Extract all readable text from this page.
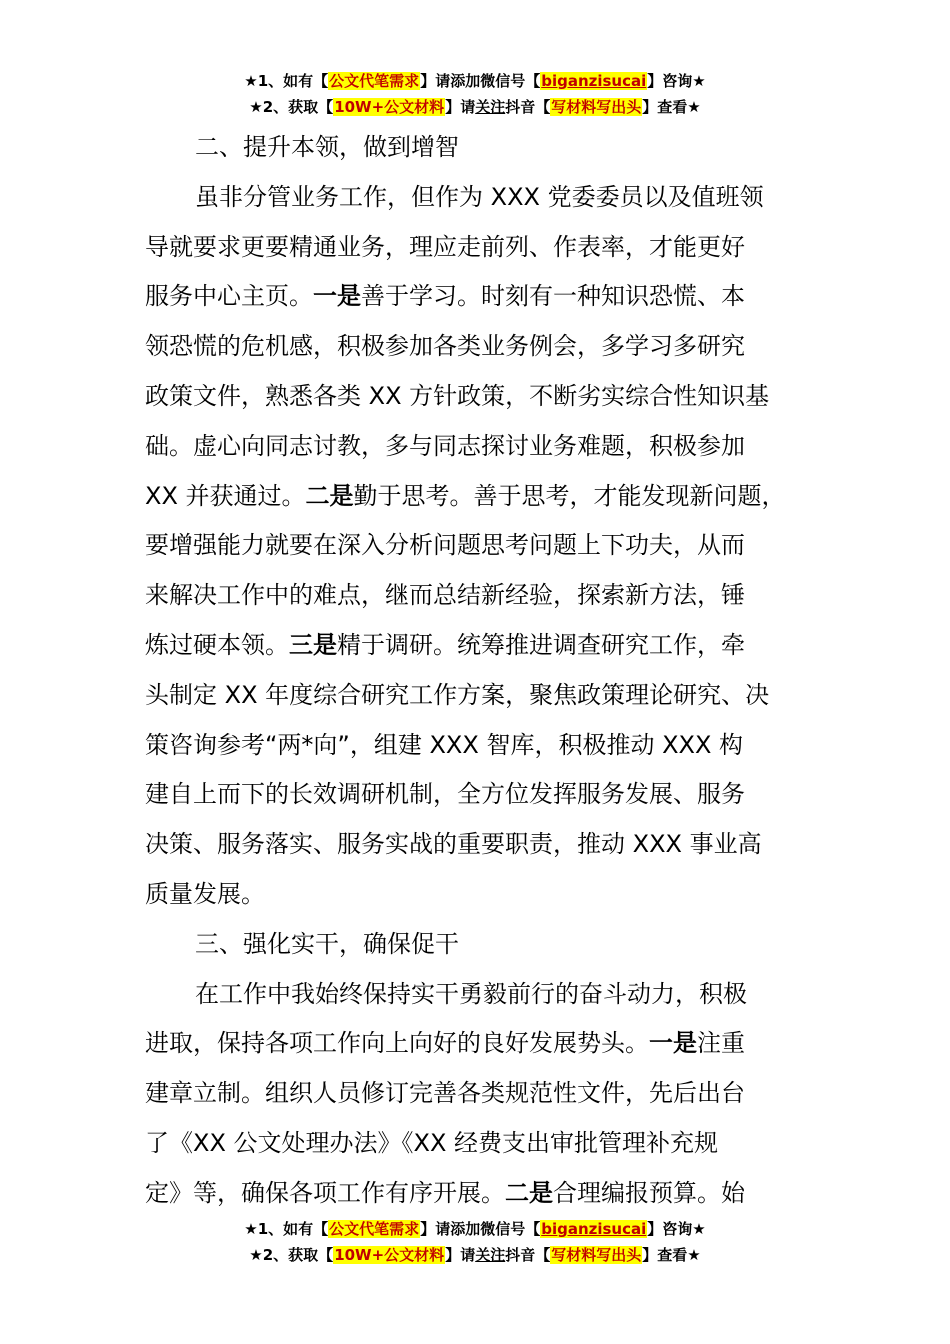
★1、如有【公文代笔需求】请添加微信号【biganzisucai】咨询★
★2、获取【10W+公文材料】请关注抖音【写材料写出头】查看★

二、提升本领，做到增智

虽非分管业务工作，但作为 XXX 党委委员以及值班领

导就要求更要精通业务，理应走前列、作表率，才能更好

服务中心主页。一是善于学习。时刻有一种知识恐慌、本

领恐慌的危机感，积极参加各类业务例会，多学习多研究

政策文件，熟悉各类 XX 方针政策，不断劣实综合性知识基

础。虚心向同志讨教，多与同志探讨业务难题，积极参加

XX 并获通过。二是勤于思考。善于思考，才能发现新问题，

要增强能力就要在深入分析问题思考问题上下功夫，从而

来解决工作中的难点，继而总结新经验，探索新方法，锤

炼过硬本领。三是精于调研。统筹推进调查研究工作，牵

头制定 XX 年度综合研究工作方案，聚焦政策理论研究、决

策咨询参考“两*向”，组建 XXX 智库，积极推动 XXX 构

建自上而下的长效调研机制，全方位发挥服务发展、服务

决策、服务落实、服务实战的重要职责，推动 XXX 事业高

质量发展。

三、强化实干，确保促干

在工作中我始终保持实干勇毅前行的奋斗动力，积极

进取，保持各项工作向上向好的良好发展势头。一是注重

建章立制。组织人员修订完善各类规范性文件，先后出台

了《XX 公文处理办法》《XX 经费支出审批管理补充规

定》等，确保各项工作有序开展。二是合理编报预算。始

★1、如有【公文代笔需求】请添加微信号【biganzisucai】咨询★
★2、获取【10W+公文材料】请关注抖音【写材料写出头】查看★
